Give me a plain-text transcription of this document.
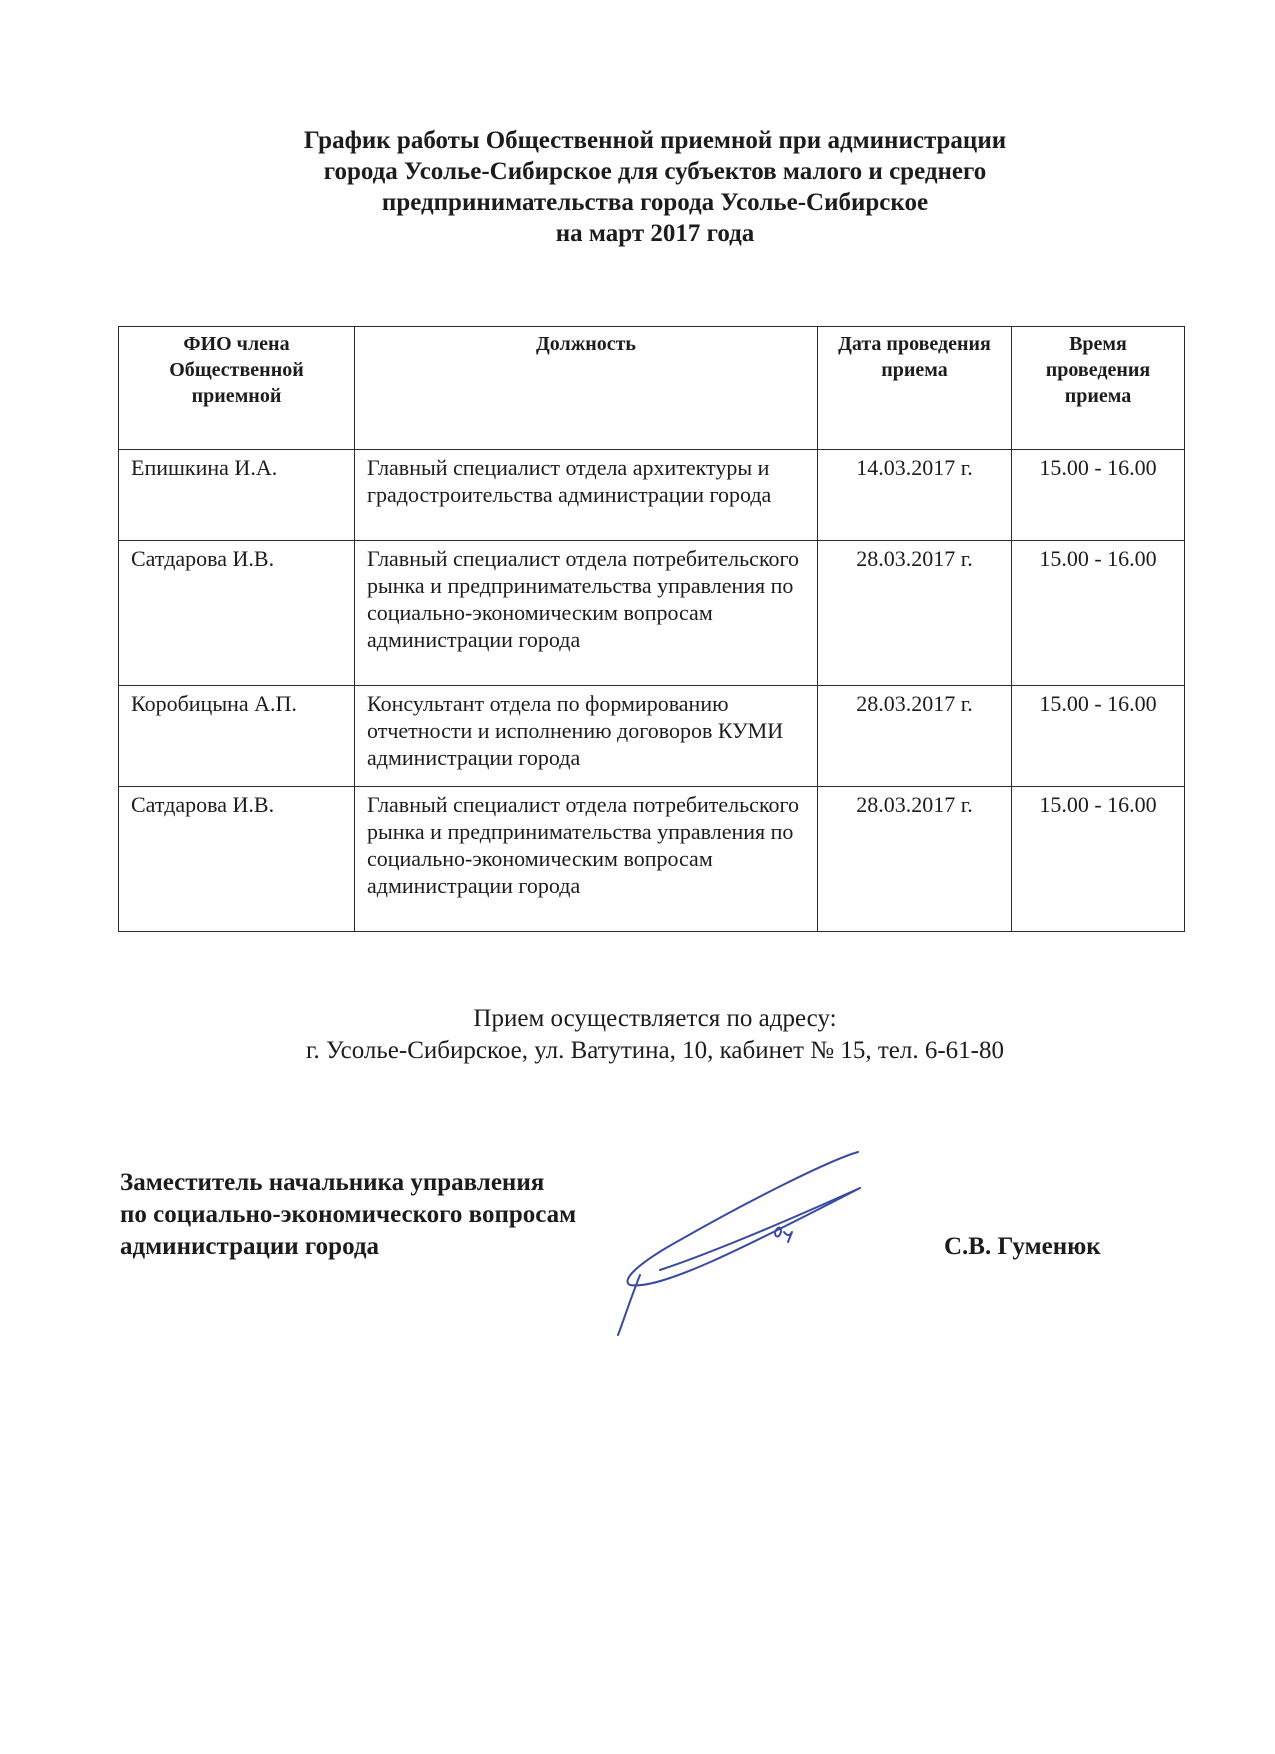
График работы Общественной приемной при администрации
города Усолье-Сибирское для субъектов малого и среднего
предпринимательства города Усолье-Сибирское
на март 2017 года
ФИО члена Общественной приемной	Должность	Дата проведения приема	Время проведения приема
Епишкина И.А.	Главный специалист отдела архитектуры и градостроительства администрации города	14.03.2017 г.	15.00 - 16.00
Сатдарова И.В.	Главный специалист отдела потребительского рынка и предпринимательства управления по социально-экономическим вопросам администрации города	28.03.2017 г.	15.00 - 16.00
Коробицына А.П.	Консультант отдела по формированию отчетности и исполнению договоров КУМИ администрации города	28.03.2017 г.	15.00 - 16.00
Сатдарова И.В.	Главный специалист отдела потребительского рынка и предпринимательства управления по социально-экономическим вопросам администрации города	28.03.2017 г.	15.00 - 16.00
Прием осуществляется по адресу:
г. Усолье-Сибирское, ул. Ватутина, 10, кабинет № 15, тел. 6-61-80
Заместитель начальника управления
по социально-экономического вопросам
администрации города	С.В. Гуменюк
